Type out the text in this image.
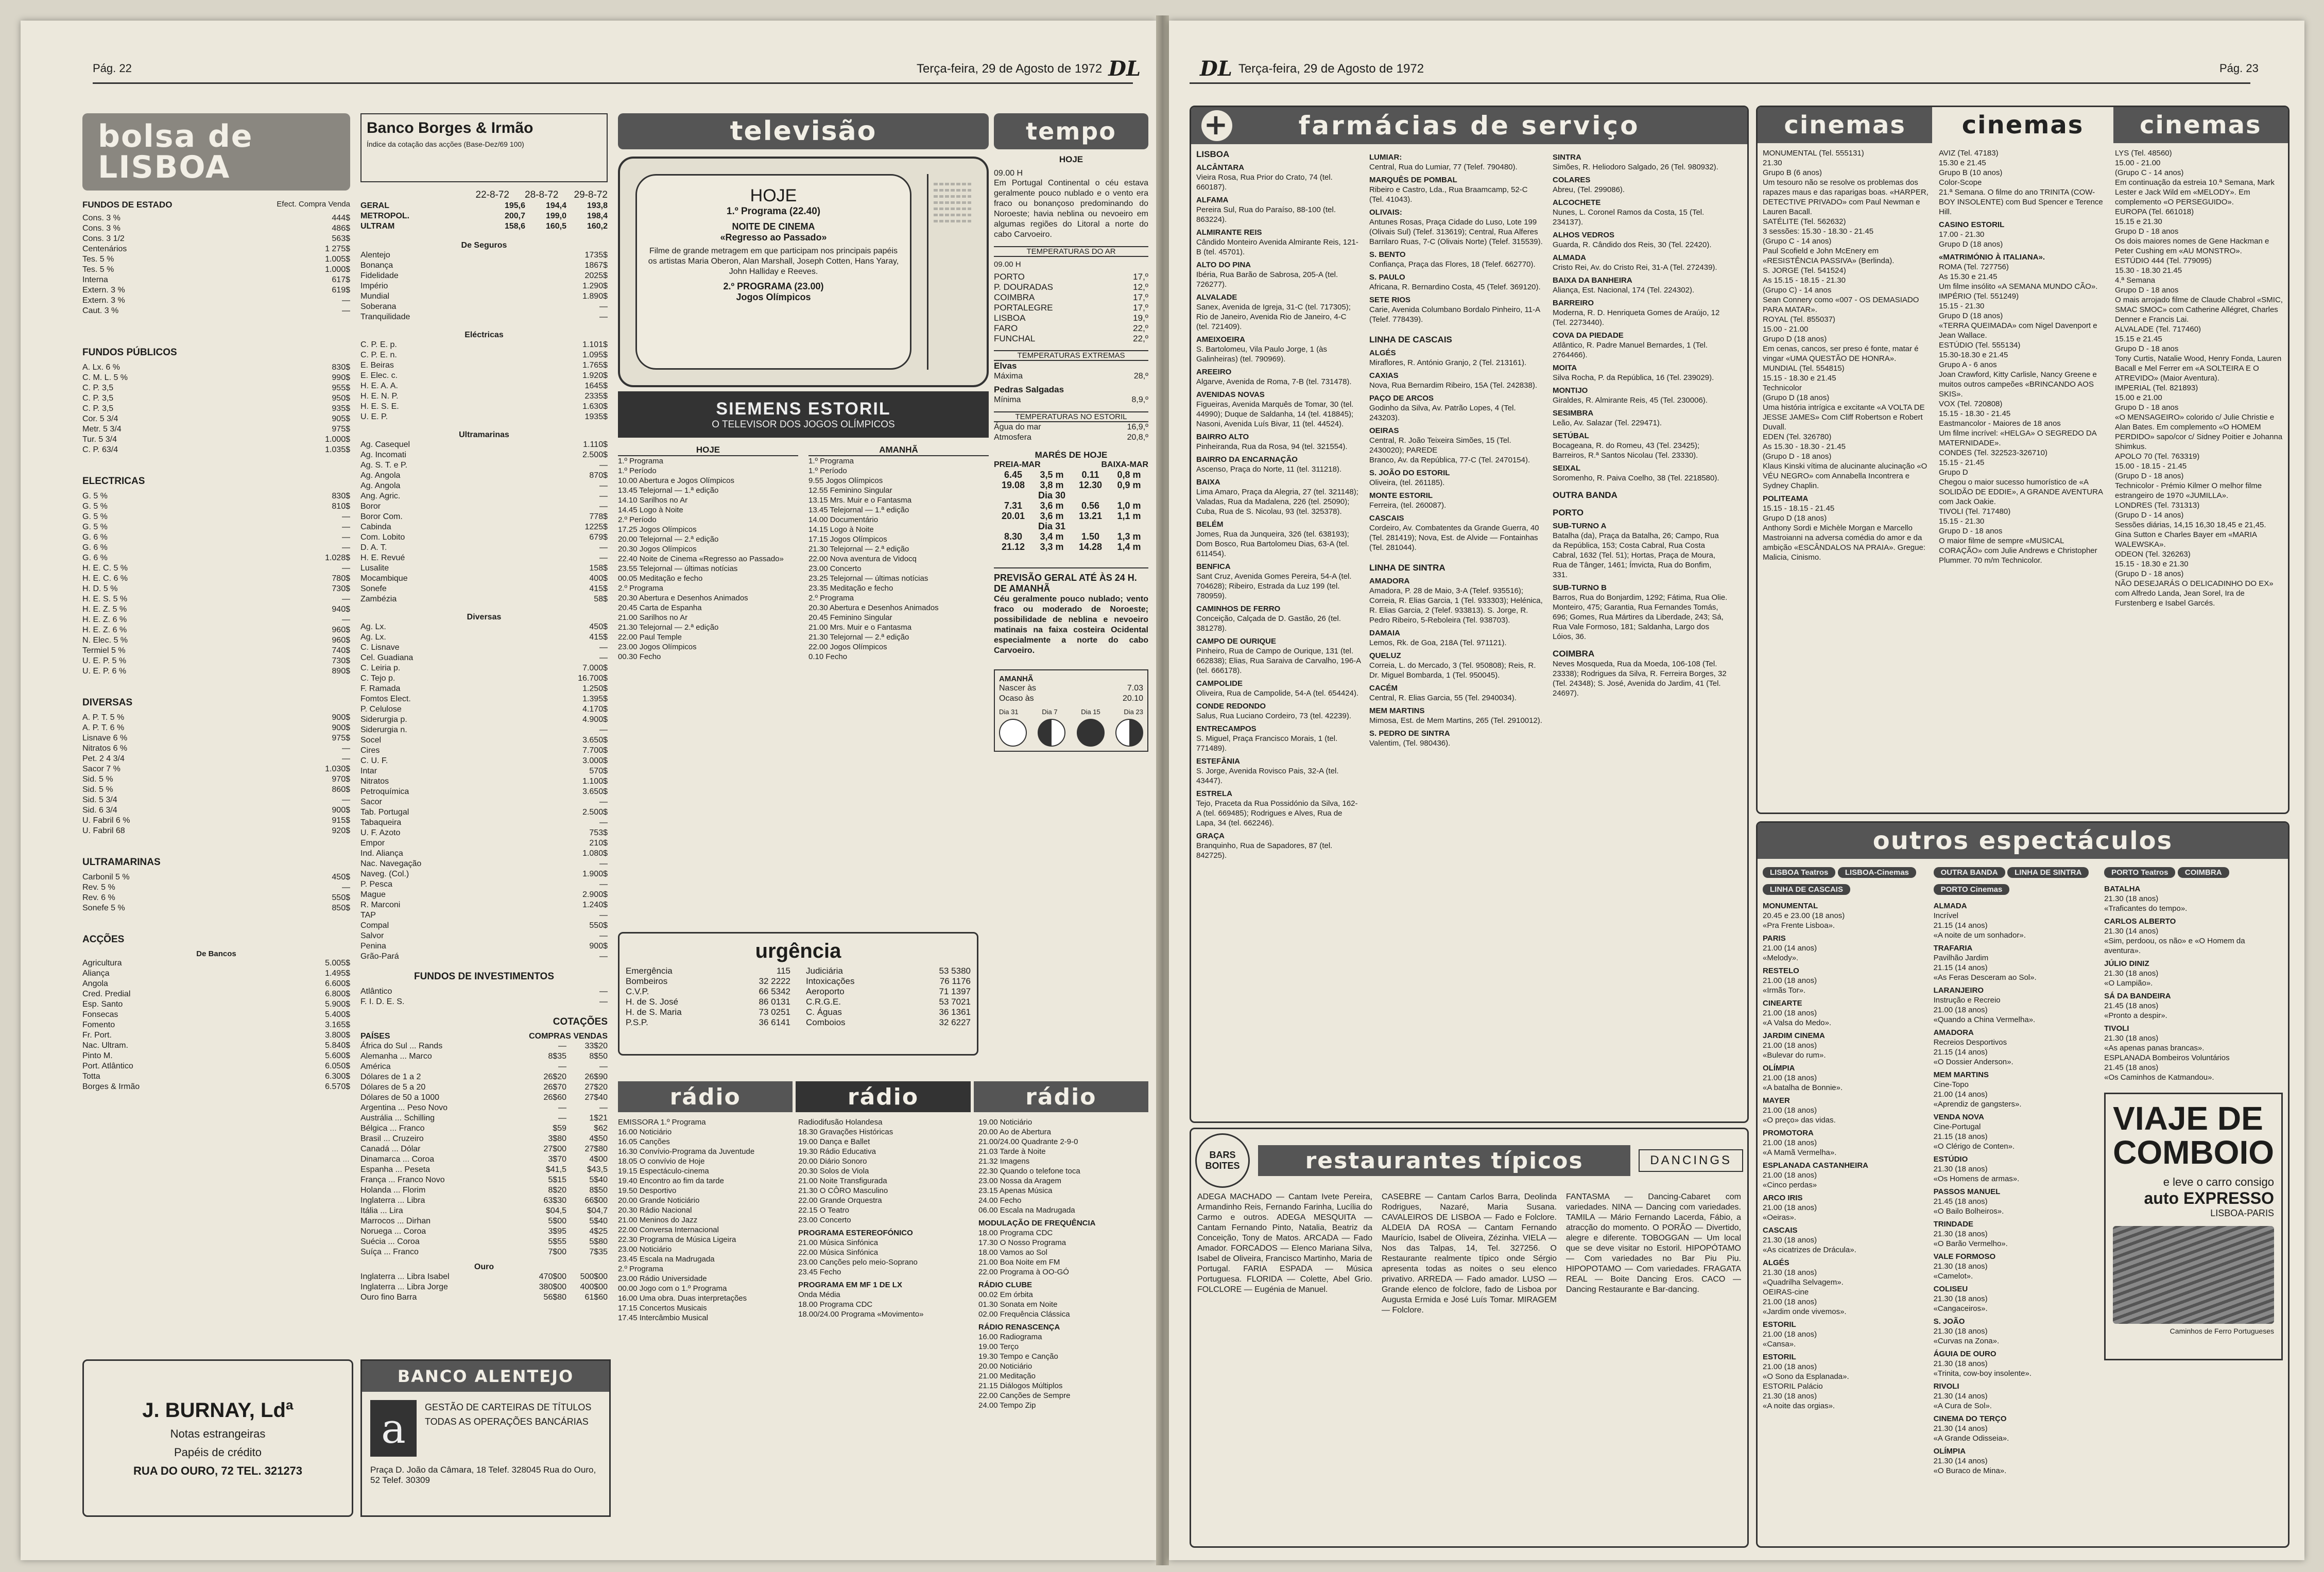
Pág. 22	Terça-feira, 29 de Agosto de 1972 DL
bolsa de LISBOA
FUNDOS DE ESTADO	Efect. Compra Venda
Cons. 3 %	444$
Cons. 3 %	486$
Cons. 3 1/2	563$
Centenários	1 275$
Tes. 5 %	1.005$
Tes. 5 %	1.000$
Interna	617$
Extern. 3 %	619$
Extern. 3 %	—
Caut. 3 %	—
FUNDOS PÚBLICOS
A. Lx. 6 %	830$
C. M. L. 5 %	990$
C. P. 3,5	955$
C. P. 3,5	950$
C. P. 3,5	935$
Cor. 5 3/4	905$
Metr. 5 3/4	975$
Tur. 5 3/4	1.000$
C. P. 63/4	1.035$
ELECTRICAS
G. 5 %	830$
G. 5 %	810$
G. 5 %	—
G. 5 %	—
G. 6 %	—
G. 6 %	—
G. 6 %	1.028$
H. E. C. 5 %	—
H. E. C. 6 %	780$
H. D. 5 %	730$
H. E. S. 5 %	—
H. E. Z. 5 %	940$
H. E. Z. 6 %	—
H. E. Z. 6 %	960$
N. Elec. 5 %	960$
Termiel 5 %	740$
U. E. P. 5 %	730$
U. E. P. 6 %	890$
DIVERSAS
A. P. T. 5 %	900$
A. P. T. 6 %	900$
Lisnave 6 %	975$
Nitratos 6 %	—
Pet. 2 4 3/4	—
Sacor 7 %	1.030$
Sid. 5 %	970$
Sid. 5 %	860$
Sid. 5 3/4	—
Sid. 6 3/4	900$
U. Fabril 6 %	915$
U. Fabril 68	920$
ULTRAMARINAS
Carbonil 5 %	450$
Rev. 5 %	—
Rev. 6 %	550$
Sonefe 5 %	850$
ACÇÕES
De Bancos
Agricultura	5.005$
Aliança	1.495$
Angola	6.600$
Cred. Predial	6.800$
Esp. Santo	5.900$
Fonsecas	5.400$
Fomento	3.165$
Fr. Port.	3.800$
Nac. Ultram.	5.840$
Pinto M.	5.600$
Port. Atlântico	6.050$
Totta	6.300$
Borges & Irmão	6.570$
J. BURNAY, Ldª
Notas estrangeiras
Papéis de crédito
RUA DO OURO, 72 TEL. 321273
Banco Borges & Irmão
Índice da cotação das acções (Base-Dez/69 100)
22-8-72 28-8-72 29-8-72
GERAL	195,6	194,4	193,8
METROPOL.	200,7	199,0	198,4
ULTRAM	158,6	160,5	160,2
De Seguros
Alentejo	1735$
Bonança	1867$
Fidelidade	2025$
Império	1.290$
Mundial	1.890$
Soberana	—
Tranquilidade	—
Eléctricas
C. P. E. p.	1.101$
C. P. E. n.	1.095$
E. Beiras	1.765$
E. Elec. c.	1.920$
H. E. A. A.	1645$
H. E. N. P.	2335$
H. E. S. E.	1.630$
U. E. P.	1935$
Ultramarinas
Ag. Casequel	1.110$
Ag. Incomati	2.500$
Ag. S. T. e P.	—
Ag. Angola	870$
Ag. Angola	—
Ang. Agric.	—
Boror	—
Boror Com.	778$
Cabinda	1225$
Com. Lobito	679$
D. A. T.	—
H. E. Revué	—
Lusalite	158$
Mocambique	400$
Sonefe	415$
Zambézia	58$
Diversas
Ag. Lx.	450$
Ag. Lx.	415$
C. Lisnave	—
Cel. Guadiana	—
C. Leiria p.	7.000$
C. Tejo p.	16.700$
F. Ramada	1.250$
Fomtos Elect.	1.395$
P. Celulose	4.170$
Siderurgia p.	4.900$
Siderurgia n.	—
Socel	3.650$
Cires	7.700$
C. U. F.	3.000$
Intar	570$
Nitratos	1.100$
Petroquímica	3.650$
Sacor	—
Tab. Portugal	2.500$
Tabaqueira	—
U. F. Azoto	753$
Empor	210$
Ind. Aliança	1.080$
Nac. Navegação	—
Naveg. (Col.)	1.900$
P. Pesca	—
Mague	2.900$
R. Marconi	1.240$
TAP	—
Compal	550$
Salvor	—
Penina	900$
Grão-Pará	—
FUNDOS DE INVESTIMENTOS
Atlântico	—
F. I. D. E. S.	—
COTAÇÕES
PAÍSES	COMPRAS VENDAS
África do Sul ... Rands	—	33$20
Alemanha ... Marco	8$35	8$50
América	—	—
Dólares de 1 a 2	26$20	26$90
Dólares de 5 a 20	26$70	27$20
Dólares de 50 a 1000	26$60	27$40
Argentina ... Peso Novo	—	—
Austrália ... Schilling	—	1$21
Bélgica ... Franco	$59	$62
Brasil ... Cruzeiro	3$80	4$50
Canadá ... Dólar	27$00	27$80
Dinamarca ... Coroa	3$70	4$00
Espanha ... Peseta	$41,5	$43,5
França ... Franco Novo	5$15	5$40
Holanda ... Florim	8$20	8$50
Inglaterra ... Libra	63$30	66$00
Itália ... Lira	$04,5	$04,7
Marrocos ... Dirhan	5$00	5$40
Noruega ... Coroa	3$95	4$25
Suécia ... Coroa	5$55	5$80
Suíça ... Franco	7$00	7$35
Ouro
Inglaterra ... Libra Isabel	470$00	500$00
Inglaterra ... Libra Jorge	380$00	400$00
Ouro fino Barra	56$80	61$60
BANCO ALENTEJO
a	GESTÃO DE CARTEIRAS DE TÍTULOS
TODAS AS OPERAÇÕES BANCÁRIAS
Praça D. João da Câmara, 18 Telef. 328045 Rua do Ouro, 52 Telef. 30309
televisão
HOJE
1.º Programa (22.40)
NOITE DE CINEMA
«Regresso ao Passado»
Filme de grande metragem em que participam nos principais papéis os artistas Maria Oberon, Alan Marshall, Joseph Cotten, Hans Yaray, John Halliday e Reeves.
2.º PROGRAMA (23.00)
Jogos Olímpicos
SIEMENS ESTORIL
O TELEVISOR DOS JOGOS OLÍMPICOS
HOJE
1.º Programa
1.º Período
10.00 Abertura e Jogos Olímpicos
13.45 Telejornal — 1.ª edição
14.10 Sarilhos no Ar
14.45 Logo à Noite
2.º Período
17.25 Jogos Olímpicos
20.00 Telejornal — 2.ª edição
20.30 Jogos Olímpicos
22.40 Noite de Cinema «Regresso ao Passado»
23.55 Telejornal — últimas notícias
00.05 Meditação e fecho
2.º Programa
20.30 Abertura e Desenhos Animados
20.45 Carta de Espanha
21.00 Sarilhos no Ar
21.30 Telejornal — 2.ª edição
22.00 Paul Temple
23.00 Jogos Olímpicos
00.30 Fecho
AMANHÃ
1.º Programa
1.º Período
9.55 Jogos Olímpicos
12.55 Feminino Singular
13.15 Mrs. Muir e o Fantasma
13.45 Telejornal — 1.ª edição
14.00 Documentário
14.15 Logo à Noite
17.15 Jogos Olímpicos
21.30 Telejornal — 2.ª edição
22.00 Nova aventura de Vidocq
23.00 Concerto
23.25 Telejornal — últimas notícias
23.35 Meditação e fecho
2.º Programa
20.30 Abertura e Desenhos Animados
20.45 Feminino Singular
21.00 Mrs. Muir e o Fantasma
21.30 Telejornal — 2.ª edição
22.00 Jogos Olímpicos
0.10 Fecho
tempo
HOJE
09.00 H
Em Portugal Continental o céu estava geralmente pouco nublado e o vento era fraco ou bonançoso predominando do Noroeste; havia neblina ou nevoeiro em algumas regiões do Litoral a norte do cabo Carvoeiro.
TEMPERATURAS DO AR
09.00 H
PORTO	17,º
P. DOURADAS	12,º
COIMBRA	17,º
PORTALEGRE	17,º
LISBOA	19,º
FARO	22,º
FUNCHAL	22,º
TEMPERATURAS EXTREMAS
Elvas
Máxima	28,º
Pedras Salgadas
Mínima	8,9,º
TEMPERATURAS NO ESTORIL
Água do mar	16,9,º
Atmosfera	20,8,º
MARÉS DE HOJE
PREIA-MAR	BAIXA-MAR
6.45	3,5 m	0.11	0,8 m
19.08	3,8 m	12.30	0,9 m
Dia 30
7.31	3,6 m	0.56	1,0 m
20.01	3,6 m	13.21	1,1 m
Dia 31
8.30	3,4 m	1.50	1,3 m
21.12	3,3 m	14.28	1,4 m
PREVISÃO GERAL ATÉ ÀS 24 H. DE AMANHÃ
Céu geralmente pouco nublado; vento fraco ou moderado de Noroeste; possibilidade de neblina e nevoeiro matinais na faixa costeira Ocidental especialmente a norte do cabo Carvoeiro.
AMANHÃ
Nascer às	7.03
Ocaso às	20.10
Dia 31	Dia 7	Dia 15	Dia 23
urgência
Emergência	115
Bombeiros	32 2222
C.V.P.	66 5342
H. de S. José	86 0131
H. de S. Maria	73 0251
P.S.P.	36 6141
Judiciária	53 5380
Intoxicações	76 1176
Aeroporto	71 1397
C.R.G.E.	53 7021
C. Águas	36 1361
Comboios	32 6227
rádio	rádio	rádio
EMISSORA 1.º Programa
16.00 Noticiário
16.05 Canções
16.30 Convívio-Programa da Juventude
18.05 O convívio de Hoje
19.15 Espectáculo-cinema
19.40 Encontro ao fim da tarde
19.50 Desportivo
20.00 Grande Noticiário
20.30 Rádio Nacional
21.00 Meninos do Jazz
22.00 Conversa Internacional
22.30 Programa de Música Ligeira
23.00 Noticiário
23.45 Escala na Madrugada
2.º Programa
23.00 Rádio Universidade
00.00 Jogo com o 1.º Programa
16.00 Uma obra. Duas interpretações
17.15 Concertos Musicais
17.45 Intercâmbio Musical
Radiodifusão Holandesa
18.30 Gravações Históricas
19.00 Dança e Ballet
19.30 Rádio Educativa
20.00 Diário Sonoro
20.30 Solos de Viola
21.00 Noite Transfigurada
21.30 O CÔRO Masculino
22.00 Grande Orquestra
22.15 O Teatro
23.00 Concerto
PROGRAMA ESTEREOFÓNICO
21.00 Música Sinfónica
22.00 Música Sinfónica
23.00 Canções pelo meio-Soprano
23.45 Fecho
PROGRAMA EM MF 1 DE LX
Onda Média
18.00 Programa CDC
18.00/24.00 Programa «Movimento»
19.00 Noticiário
20.00 Ao de Abertura
21.00/24.00 Quadrante 2-9-0
21.03 Tarde à Noite
21.32 Imagens
22.30 Quando o telefone toca
23.00 Nossa da Aragem
23.15 Apenas Música
24.00 Fecho
06.00 Escala na Madrugada
MODULAÇÃO DE FREQUÊNCIA
18.00 Programa CDC
17.30 O Nosso Programa
18.00 Vamos ao Sol
21.00 Boa Noite em FM
22.00 Programa à OO-GÓ
RÁDIO CLUBE
00.02 Em órbita
01.30 Sonata em Noite
02.00 Frequência Clássica
RÁDIO RENASCENÇA
16.00 Radiograma
19.00 Terço
19.30 Tempo e Canção
20.00 Noticiário
21.00 Meditação
21.15 Diálogos Múltiplos
22.00 Canções de Sempre
24.00 Tempo Zip
DL Terça-feira, 29 de Agosto de 1972	Pág. 23
+	farmácias de serviço
LISBOA
ALCÂNTARA
Vieira Rosa, Rua Prior do Crato, 74 (tel. 660187).
ALFAMA
Pereira Sul, Rua do Paraíso, 88-100 (tel. 863224).
ALMIRANTE REIS
Cândido Monteiro Avenida Almirante Reis, 121-B (tel. 45701).
ALTO DO PINA
Ibéria, Rua Barão de Sabrosa, 205-A (tel. 726277).
ALVALADE
Sanex, Avenida de Igreja, 31-C (tel. 717305); Rio de Janeiro, Avenida Rio de Janeiro, 4-C (tel. 721409).
AMEIXOEIRA
S. Bartolomeu, Vila Paulo Jorge, 1 (às Galinheiras) (tel. 790969).
AREEIRO
Algarve, Avenida de Roma, 7-B (tel. 731478).
AVENIDAS NOVAS
Figueiras, Avenida Marquês de Tomar, 30 (tel. 44990); Duque de Saldanha, 14 (tel. 418845); Nasoni, Avenida Luís Bivar, 11 (tel. 44524).
BAIRRO ALTO
Pinheiranda, Rua da Rosa, 94 (tel. 321554).
BAIRRO DA ENCARNAÇÃO
Ascenso, Praça do Norte, 11 (tel. 311218).
BAIXA
Lima Amaro, Praça da Alegria, 27 (tel. 321148); Valadas, Rua da Madalena, 226 (tel. 25090); Cuba, Rua de S. Nicolau, 93 (tel. 325378).
BELÉM
Jomes, Rua da Junqueira, 326 (tel. 638193); Dom Bosco, Rua Bartolomeu Dias, 63-A (tel. 611454).
BENFICA
Sant Cruz, Avenida Gomes Pereira, 54-A (tel. 704628); Ribeiro, Estrada da Luz 199 (tel. 780959).
CAMINHOS DE FERRO
Conceição, Calçada de D. Gastão, 26 (tel. 381278).
CAMPO DE OURIQUE
Pinheiro, Rua de Campo de Ourique, 131 (tel. 662838); Elias, Rua Saraiva de Carvalho, 196-A (tel. 666178).
CAMPOLIDE
Oliveira, Rua de Campolide, 54-A (tel. 654424).
CONDE REDONDO
Salus, Rua Luciano Cordeiro, 73 (tel. 42239).
ENTRECAMPOS
S. Miguel, Praça Francisco Morais, 1 (tel. 771489).
ESTEFÂNIA
S. Jorge, Avenida Rovisco Pais, 32-A (tel. 43447).
ESTRELA
Tejo, Praceta da Rua Possidónio da Silva, 162-A (tel. 669485); Rodrigues e Alves, Rua de Lapa, 34 (tel. 662246).
GRAÇA
Branquinho, Rua de Sapadores, 87 (tel. 842725).
LUMIAR:
Central, Rua do Lumiar, 77 (Telef. 790480).
MARQUÊS DE POMBAL
Ribeiro e Castro, Lda., Rua Braamcamp, 52-C (Tel. 41043).
OLIVAIS:
Antunes Rosas, Praça Cidade do Luso, Lote 199 (Olivais Sul) (Telef. 313619); Central, Rua Alferes Barrilaro Ruas, 7-C (Olivais Norte) (Telef. 315539).
S. BENTO
Confiança, Praça das Flores, 18 (Telef. 662770).
S. PAULO
Africana, R. Bernardino Costa, 45 (Telef. 369120).
SETE RIOS
Carie, Avenida Columbano Bordalo Pinheiro, 11-A (Telef. 778439).
LINHA DE CASCAIS
ALGÉS
Miraflores, R. António Granjo, 2 (Tel. 213161).
CAXIAS
Nova, Rua Bernardim Ribeiro, 15A (Tel. 242838).
PAÇO DE ARCOS
Godinho da Silva, Av. Patrão Lopes, 4 (Tel. 243203).
OEIRAS
Central, R. João Teixeira Simões, 15 (Tel. 2430020); PAREDE
Branco, Av. da República, 77-C (Tel. 2470154).
S. JOÃO DO ESTORIL
Oliveira, (tel. 261185).
MONTE ESTORIL
Ferreira, (tel. 260087).
CASCAIS
Cordeiro, Av. Combatentes da Grande Guerra, 40 (Tel. 281419); Nova, Est. de Alvide — Fontainhas (Tel. 281044).
LINHA DE SINTRA
AMADORA
Amadora, P. 28 de Maio, 3-A (Telef. 935516); Correia, R. Elias Garcia, 1 (Tel. 933303); Helénica, R. Elias Garcia, 2 (Telef. 933813). S. Jorge, R. Pedro Ribeiro, 5-Reboleira (Tel. 938703).
DAMAIA
Lemos, Rk. de Goa, 218A (Tel. 971121).
QUELUZ
Correia, L. do Mercado, 3 (Tel. 950808); Reis, R. Dr. Miguel Bombarda, 1 (Tel. 950045).
CACÉM
Central, R. Elias Garcia, 55 (Tel. 2940034).
MEM MARTINS
Mimosa, Est. de Mem Martins, 265 (Tel. 2910012).
S. PEDRO DE SINTRA
Valentim, (Tel. 980436).
SINTRA
Simões, R. Heliodoro Salgado, 26 (Tel. 980932).
COLARES
Abreu, (Tel. 299086).
ALCOCHETE
Nunes, L. Coronel Ramos da Costa, 15 (Tel. 234137).
ALHOS VEDROS
Guarda, R. Cândido dos Reis, 30 (Tel. 22420).
ALMADA
Cristo Rei, Av. do Cristo Rei, 31-A (Tel. 272439).
BAIXA DA BANHEIRA
Aliança, Est. Nacional, 174 (Tel. 224302).
BARREIRO
Moderna, R. D. Henriqueta Gomes de Araújo, 12 (Tel. 2273440).
COVA DA PIEDADE
Atlântico, R. Padre Manuel Bernardes, 1 (Tel. 2764466).
MOITA
Silva Rocha, P. da República, 16 (Tel. 239029).
MONTIJO
Giraldes, R. Almirante Reis, 45 (Tel. 230006).
SESIMBRA
Leão, Av. Salazar (Tel. 229471).
SETÚBAL
Bocageana, R. do Romeu, 43 (Tel. 23425); Barreiros, R.ª Santos Nicolau (Tel. 23330).
SEIXAL
Soromenho, R. Paiva Coelho, 38 (Tel. 2218580).
OUTRA BANDA
PORTO
SUB-TURNO A
Batalha (da), Praça da Batalha, 26; Campo, Rua da República, 153; Costa Cabral, Rua Costa Cabral, 1632 (Tel. 51); Hortas, Praça de Moura, Rua de Tânger, 1461; Ímvicta, Rua do Bonfim, 331.
SUB-TURNO B
Barros, Rua do Bonjardim, 1292; Fátima, Rua Olie. Monteiro, 475; Garantia, Rua Fernandes Tomás, 696; Gomes, Rua Mártires da Liberdade, 243; Sá, Rua Vale Formoso, 181; Saldanha, Largo dos Lóios, 36.
COIMBRA
Neves Mosqueda, Rua da Moeda, 106-108 (Tel. 23338); Rodrigues da Silva, R. Ferreira Borges, 32 (Tel. 24348); S. José, Avenida do Jardim, 41 (Tel. 24697).
BARS BOITES	restaurantes típicos	DANCINGS
ADEGA MACHADO — Cantam Ivete Pereira, Armandinho Reis, Fernando Farinha, Lucília do Carmo e outros. ADEGA MESQUITA — Cantam Fernando Pinto, Natalia, Beatriz da Conceição, Tony de Matos. ARCADA — Fado Amador. FORCADOS — Elenco Mariana Silva, Isabel de Oliveira, Francisco Martinho, Maria de Portugal. FARIA ESPADA — Música Portuguesa. FLORIDA — Colette, Abel Grio. FOLCLORE — Eugénia de Manuel.
CASEBRE — Cantam Carlos Barra, Deolinda Rodrigues, Nazaré, Maria Susana. CAVALEIROS DE LISBOA — Fado e Folclore. ALDEIA DA ROSA — Cantam Fernando Maurício, Isabel de Oliveira, Zézinha. VIELA — Nos das Talpas, 14, Tel. 327256. O Restaurante realmente típico onde Sérgio apresenta todas as noites o seu elenco privativo. ARREDA — Fado amador. LUSO — Grande elenco de folclore, fado de Lisboa por Augusta Ermida e José Luís Tomar. MIRAGEM — Folclore.
FANTASMA — Dancing-Cabaret com variedades. NINA — Dancing com variedades. TAMILA — Mário Fernando Lacerda, Fábio, a atracção do momento. O PORÃO — Divertido, alegre e diferente. TOBOGGAN — Um local que se deve visitar no Estoril. HIPOPÓTAMO — Com variedades no Bar Piu Piu. HIPOPOTAMO — Com variedades. FRAGATA REAL — Boite Dancing Eros. CACO — Dancing Restaurante e Bar-dancing.
cinemas	cinemas	cinemas
MONUMENTAL (Tel. 555131)
21.30
Grupo B (6 anos)
Um tesouro não se resolve os problemas dos rapazes maus e das raparigas boas. «HARPER, DETECTIVE PRIVADO» com Paul Newman e Lauren Bacall.
SATÉLITE (Tel. 562632)
3 sessões: 15.30 - 18.30 - 21.45
(Grupo C - 14 anos)
Paul Scofield e John McEnery em «RESISTÊNCIA PASSIVA» (Berlinda).
S. JORGE (Tel. 541524)
As 15.15 - 18.15 - 21.30
(Grupo C) - 14 anos
Sean Connery como «007 - OS DEMASIADO PARA MATAR».
ROYAL (Tel. 855037)
15.00 - 21.00
Grupo D (18 anos)
Em cenas, cancos, ser preso é fonte, matar é vingar «UMA QUESTÃO DE HONRA».
MUNDIAL (Tel. 554815)
15.15 - 18.30 e 21.45
Technicolor
(Grupo D (18 anos)
Uma história intrígica e excitante «A VOLTA DE JESSE JAMES» Com Cliff Robertson e Robert Duvall.
EDEN (Tel. 326780)
As 15.30 - 18.30 - 21.45
(Grupo D - 18 anos)
Klaus Kinski vítima de alucinante alucinação «O VÉU NEGRO» com Annabella Incontrera e Sydney Chaplin.
POLITEAMA
15.15 - 18.15 - 21.45
Grupo D (18 anos)
Anthony Sordi e Michèle Morgan e Marcello Mastroianni na adversa comédia do amor e da ambição «ESCÂNDALOS NA PRAIA». Gregue: Malicia, Cinismo.
AVIZ (Tel. 47183)
15.30 e 21.45
Grupo B (10 anos)
Color-Scope
21.ª Semana. O filme do ano TRINITA (COW-BOY INSOLENTE) com Bud Spencer e Terence Hill.
CASINO ESTORIL
17.00 - 21.30
Grupo D (18 anos)
«MATRIMÓNIO À ITALIANA».
ROMA (Tel. 727756)
As 15.30 e 21.45
Um filme insólito «A SEMANA MUNDO CÃO».
IMPÉRIO (Tel. 551249)
15.15 - 21.30
Grupo D (18 anos)
«TERRA QUEIMADA» com Nigel Davenport e Jean Wallace.
ESTÚDIO (Tel. 555134)
15.30-18.30 e 21.45
Grupo A - 6 anos
Joan Crawford, Kitty Carlisle, Nancy Greene e muitos outros campeões «BRINCANDO AOS SKIS».
VOX (Tel. 720808)
15.15 - 18.30 - 21.45
Eastmancolor - Maiores de 18 anos
Um filme incrível: «HELGA» O SEGREDO DA MATERNIDADE».
CONDES (Tel. 322523-326710)
15.15 - 21.45
Grupo D
Chegou o maior sucesso humorístico de «A SOLIDÃO DE EDDIE», A GRANDE AVENTURA com Jack Oakie.
TIVOLI (Tel. 717480)
15.15 - 21.30
Grupo D - 18 anos
O maior filme de sempre «MUSICAL CORAÇÃO» com Julie Andrews e Christopher Plummer. 70 m/m Technicolor.
LYS (Tel. 48560)
15.00 - 21.00
(Grupo C - 14 anos)
Em continuação da estreia 10.ª Semana, Mark Lester e Jack Wild em «MELODY». Em complemento «O PERSEGUIDO».
EUROPA (Tel. 661018)
15.15 e 21.30
Grupo D - 18 anos
Os dois maiores nomes de Gene Hackman e Peter Cushing em «AU MONSTRO».
ESTÚDIO 444 (Tel. 779095)
15.30 - 18.30 21.45
4.ª Semana
Grupo D - 18 anos
O mais arrojado filme de Claude Chabrol «SMIC, SMAC SMOC» com Catherine Allégret, Charles Denner e Francis Lai.
ALVALADE (Tel. 717460)
15.15 e 21.45
Grupo D - 18 anos
Tony Curtis, Natalie Wood, Henry Fonda, Lauren Bacall e Mel Ferrer em «A SOLTEIRA E O ATREVIDO» (Maior Aventura).
IMPERIAL (Tel. 821893)
15.00 e 21.00
Grupo D - 18 anos
«O MENSAGEIRO» colorido c/ Julie Christie e Alan Bates. Em complemento «O HOMEM PERDIDO» sapo/cor c/ Sidney Poitier e Johanna Shimkus.
APOLO 70 (Tel. 763319)
15.00 - 18.15 - 21.45
(Grupo D - 18 anos)
Technicolor - Prémio Kilmer O melhor filme estrangeiro de 1970 «JUMILLA».
LONDRES (Tel. 731313)
(Grupo D - 14 anos)
Sessões diárias, 14,15 16,30 18,45 e 21,45. Gina Sutton e Charles Bayer em «MARIA WALEWSKA».
ODEON (Tel. 326263)
15.15 - 18.30 e 21.30
(Grupo D - 18 anos)
NÃO DESEJARÁS O DELICADINHO DO EX» com Alfredo Landa, Jean Sorel, Ira de Furstenberg e Isabel Garcés.
outros espectáculos
LISBOA Teatros LISBOA-Cinemas LINHA DE CASCAIS
MONUMENTAL
20.45 e 23.00 (18 anos)
«Pra Frente Lisboa».
PARIS
21.00 (14 anos)
«Melody».
RESTELO
21.00 (18 anos)
«Irmãs Tor».
CINEARTE
21.00 (18 anos)
«A Valsa do Medo».
JARDIM CINEMA
21.00 (18 anos)
«Bulevar do rum».
OLÍMPIA
21.00 (18 anos)
«A batalha de Bonnie».
MAYER
21.00 (18 anos)
«O preço» das vidas.
PROMOTORA
21.00 (18 anos)
«A Mamã Vermelha».
ESPLANADA CASTANHEIRA
21.00 (18 anos)
«Cinco perdas»
ARCO IRIS
21.00 (18 anos)
«Oeiras».
CASCAIS
21.30 (18 anos)
«As cicatrizes de Drácula».
ALGÉS
21.30 (18 anos)
«Quadrilha Selvagem».
OEIRAS-cine
21.00 (18 anos)
«Jardim onde vivemos».
ESTORIL
21.00 (18 anos)
«Cansa».
ESTORIL
21.00 (18 anos)
«O Sono da Esplanada».
ESTORIL Palácio
21.30 (18 anos)
«A noite das orgias».
OUTRA BANDA LINHA DE SINTRA PORTO Cinemas
ALMADA
Incrível
21.15 (14 anos)
«A noite de um sonhador».
TRAFARIA
Pavilhão Jardim
21.15 (14 anos)
«As Feras Desceram ao Sol».
LARANJEIRO
Instrução e Recreio
21.00 (18 anos)
«Quando a China Vermelha».
AMADORA
Recreios Desportivos
21.15 (14 anos)
«O Dossier Anderson».
MEM MARTINS
Cine-Topo
21.00 (14 anos)
«Aprendiz de gangsters».
VENDA NOVA
Cine-Portugal
21.15 (18 anos)
«O Clérigo de Conten».
ESTÚDIO
21.30 (18 anos)
«Os Homens de armas».
PASSOS MANUEL
21.45 (18 anos)
«O Bailo Bolheiros».
TRINDADE
21.30 (18 anos)
«O Barão Vermelho».
VALE FORMOSO
21.30 (18 anos)
«Camelot».
COLISEU
21.30 (18 anos)
«Cangaceiros».
S. JOÃO
21.30 (18 anos)
«Curvas na Zona».
ÁGUIA DE OURO
21.30 (18 anos)
«Trinita, cow-boy insolente».
RIVOLI
21.30 (14 anos)
«A Cura de Sol».
CINEMA DO TERÇO
21.30 (14 anos)
«A Grande Odisseia».
OLÍMPIA
21.30 (14 anos)
«O Buraco de Mina».
PORTO Teatros COIMBRA
BATALHA
21.30 (18 anos)
«Traficantes do tempo».
CARLOS ALBERTO
21.30 (14 anos)
«Sim, perdoou, os não» e «O Homem da aventura».
JÚLIO DINIZ
21.30 (18 anos)
«O Lampião».
SÁ DA BANDEIRA
21.45 (18 anos)
«Pronto a despir».
TIVOLI
21.30 (18 anos)
«As apenas panas brancas».
ESPLANADA Bombeiros Voluntários
21.45 (18 anos)
«Os Caminhos de Katmandou».
VIAJE DE COMBOIO
e leve o carro consigo
auto EXPRESSO
LISBOA-PARIS
Caminhos de Ferro Portugueses
